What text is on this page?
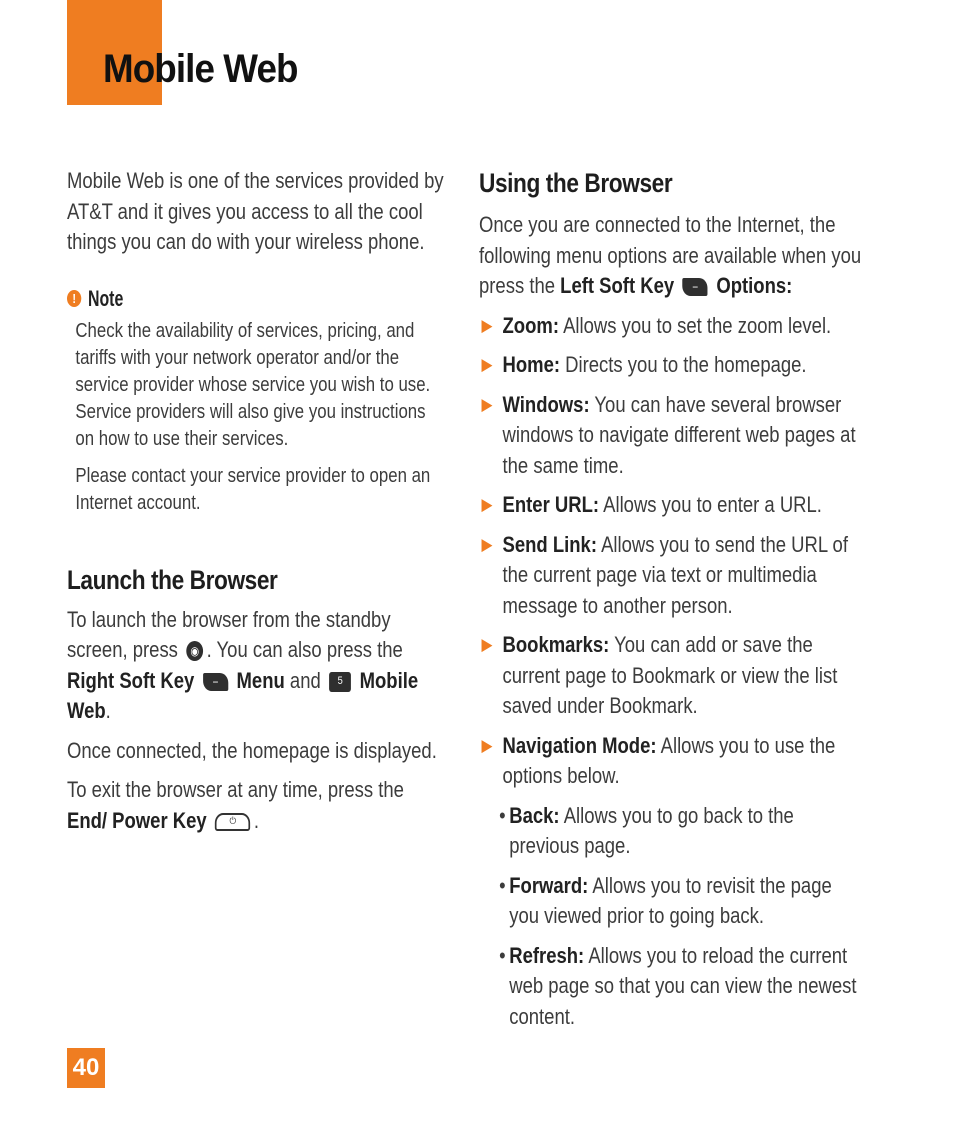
Mobile Web

Mobile Web is one of the services provided by AT&T and it gives you access to all the cool things you can do with your wireless phone.

! Note

Check the availability of services, pricing, and tariffs with your network operator and/or the service provider whose service you wish to use. Service providers will also give you instructions on how to use their services.

Please contact your service provider to open an Internet account.

Launch the Browser

To launch the browser from the standby screen, press ◉ . You can also press the Right Soft Key − Menu and 5 JKL Mobile Web.

Once connected, the homepage is displayed.

To exit the browser at any time, press the End/ Power Key ⏻ .

Using the Browser

Once you are connected to the Internet, the following menu options are available when you press the Left Soft Key − Options:

▶ Zoom: Allows you to set the zoom level.
▶ Home: Directs you to the homepage.
▶ Windows: You can have several browser windows to navigate different web pages at the same time.
▶ Enter URL: Allows you to enter a URL.
▶ Send Link: Allows you to send the URL of the current page via text or multimedia message to another person.
▶ Bookmarks: You can add or save the current page to Bookmark or view the list saved under Bookmark.
▶ Navigation Mode: Allows you to use the options below.
• Back: Allows you to go back to the previous page.
• Forward: Allows you to revisit the page you viewed prior to going back.
• Refresh: Allows you to reload the current web page so that you can view the newest content.
40
